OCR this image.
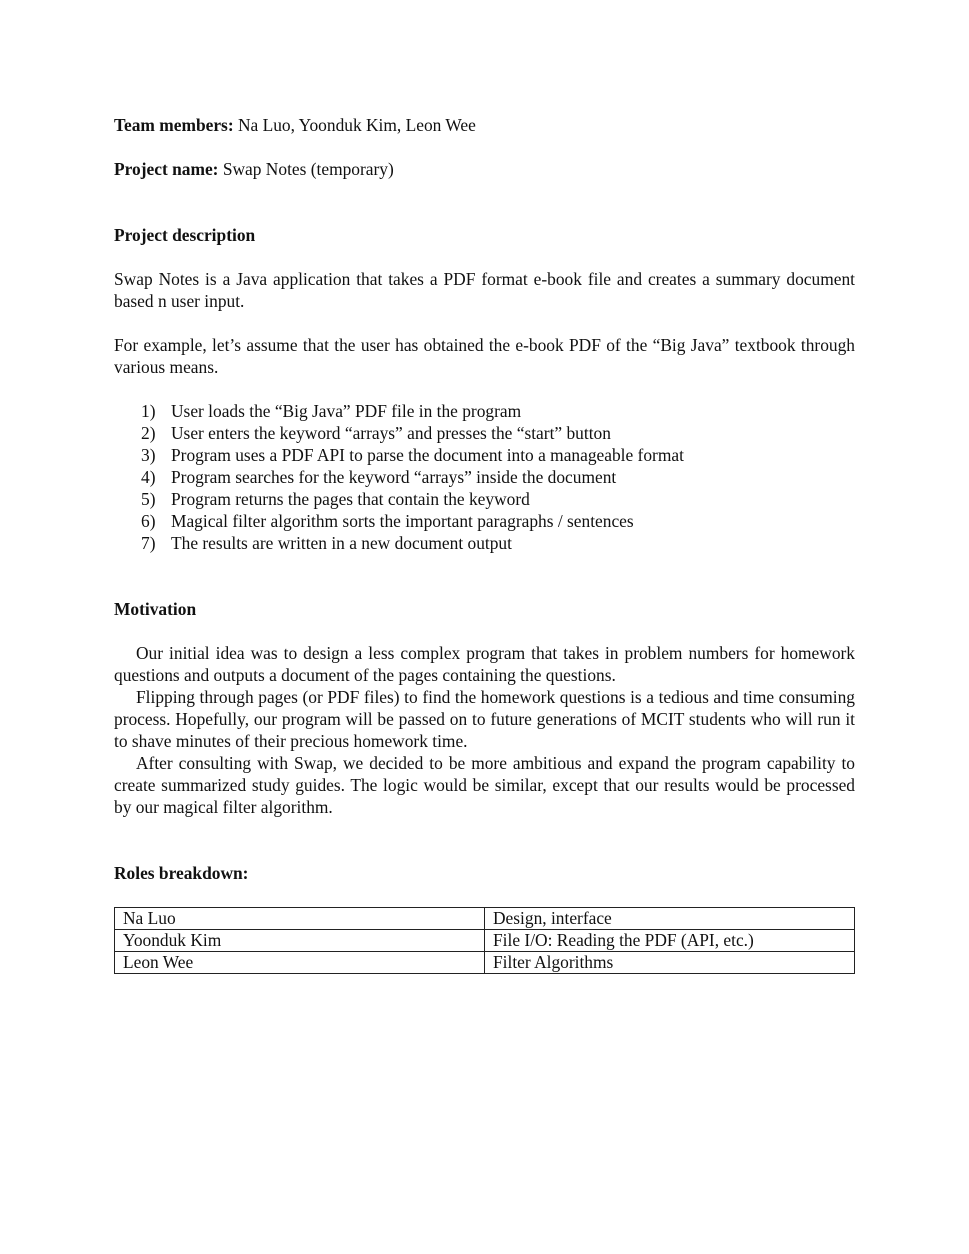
Team members: Na Luo, Yoonduk Kim, Leon Wee

Project name: Swap Notes (temporary)

Project description

Swap Notes is a Java application that takes a PDF format e-book file and creates a summary document based n user input.

For example, let’s assume that the user has obtained the e-book PDF of the “Big Java” textbook through various means.

1) User loads the “Big Java” PDF file in the program
2) User enters the keyword “arrays” and presses the “start” button
3) Program uses a PDF API to parse the document into a manageable format
4) Program searches for the keyword “arrays” inside the document
5) Program returns the pages that contain the keyword
6) Magical filter algorithm sorts the important paragraphs / sentences
7) The results are written in a new document output

Motivation

Our initial idea was to design a less complex program that takes in problem numbers for homework questions and outputs a document of the pages containing the questions.

Flipping through pages (or PDF files) to find the homework questions is a tedious and time consuming process. Hopefully, our program will be passed on to future generations of MCIT students who will run it to shave minutes of their precious homework time.

After consulting with Swap, we decided to be more ambitious and expand the program capability to create summarized study guides. The logic would be similar, except that our results would be processed by our magical filter algorithm.

Roles breakdown:

Na Luo	Design, interface
Yoonduk Kim	File I/O: Reading the PDF (API, etc.)
Leon Wee	Filter Algorithms
